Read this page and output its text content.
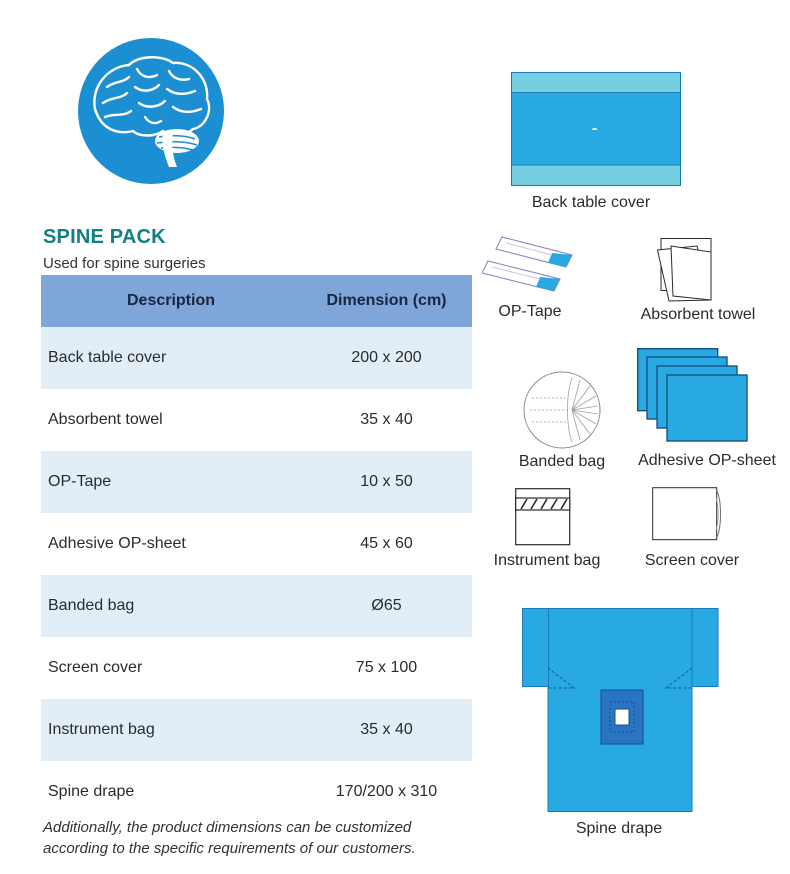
SPINE PACK
Used for spine surgeries
Description	Dimension (cm)
Back table cover	200 x 200
Absorbent towel	35 x 40
OP-Tape	10 x 50
Adhesive OP-sheet	45 x 60
Banded bag	Ø65
Screen cover	75 x 100
Instrument bag	35 x 40
Spine drape	170/200 x 310
Additionally, the product dimensions can be customized
according to the specific requirements of our customers.
-
Back table cover
OP-Tape	Absorbent towel
Banded bag	Adhesive OP-sheet
Instrument bag	Screen cover
Spine drape
